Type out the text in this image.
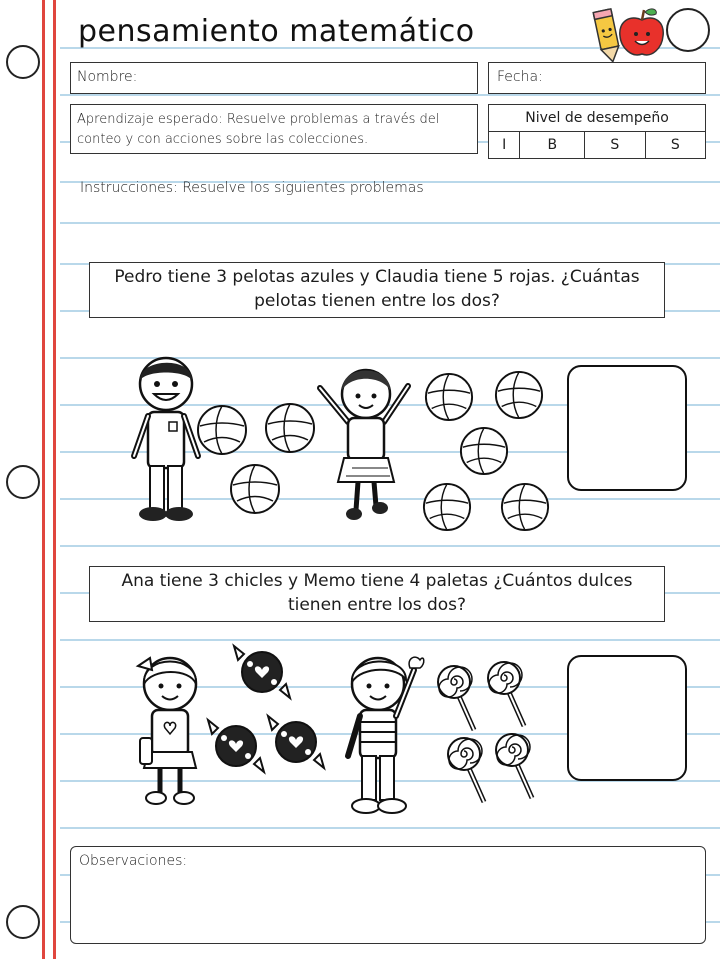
pensamiento matemático
Nombre:	Fecha:
Aprendizaje esperado: Resuelve problemas a través del conteo y con acciones sobre las colecciones.
Nivel de desempeño
I	B	S	S
Instrucciones: Resuelve los siguientes problemas
Pedro tiene 3 pelotas azules y Claudia tiene 5 rojas. ¿Cuántas pelotas tienen entre los dos?
Ana tiene 3 chicles y Memo tiene 4 paletas ¿Cuántos dulces tienen entre los dos?
Observaciones:
